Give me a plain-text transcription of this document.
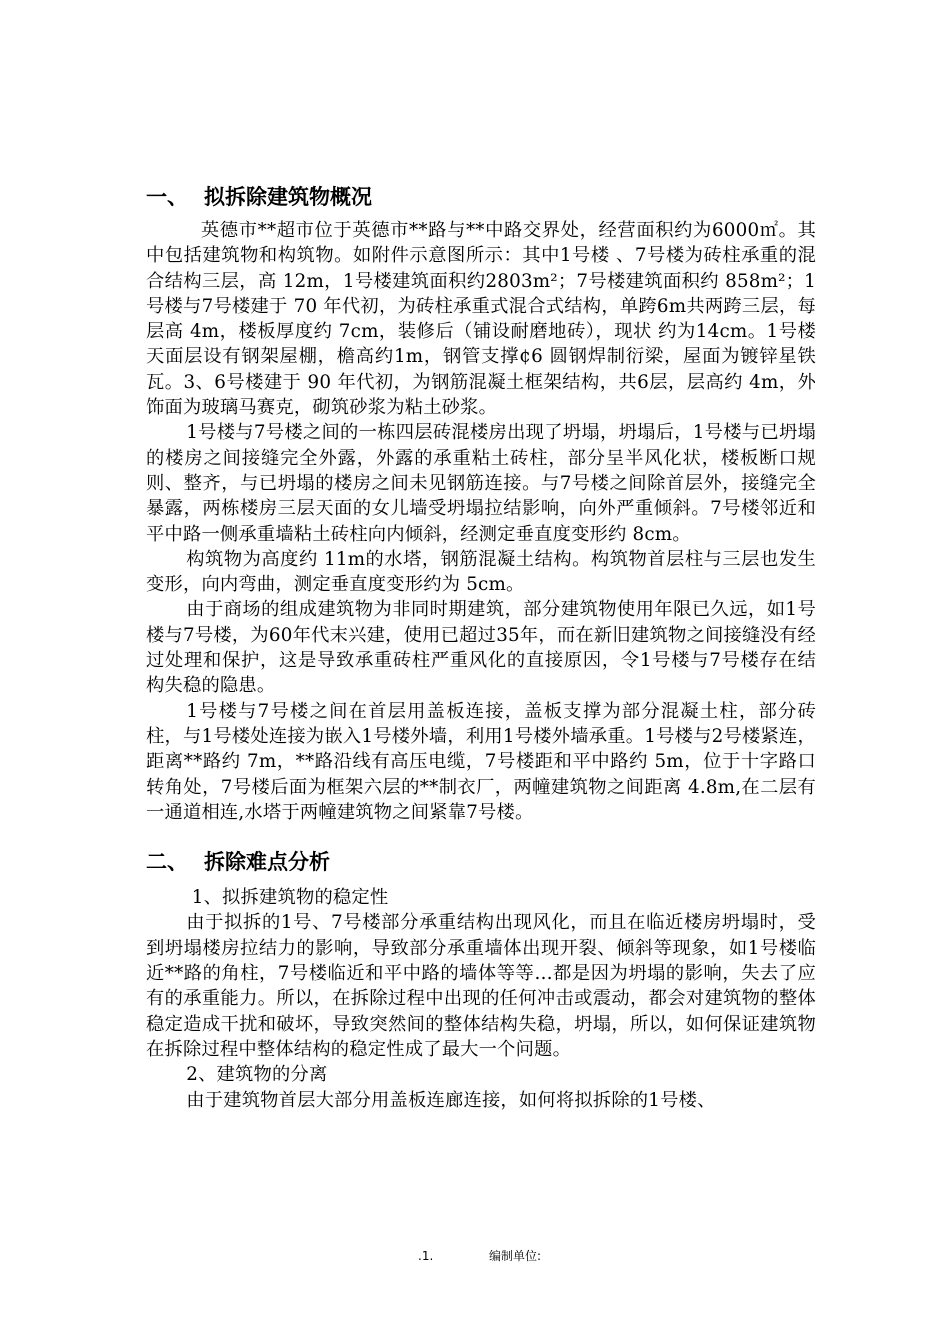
一、 拟拆除建筑物概况

英德市**超市位于英德市**路与**中路交界处，经营面积约为6000㎡。其中包括建筑物和构筑物。如附件示意图所示：其中1号楼 、7号楼为砖柱承重的混合结构三层，高 12m，1号楼建筑面积约2803m²；7号楼建筑面积约 858m²；1号楼与7号楼建于 70 年代初，为砖柱承重式混合式结构，单跨6m共两跨三层，每层高 4m，楼板厚度约 7cm，装修后（铺设耐磨地砖），现状 约为14cm。1号楼天面层设有钢架屋棚，檐高约1m，钢管支撑¢6 圆钢焊制衍梁，屋面为镀锌星铁瓦。3、6号楼建于 90 年代初，为钢筋混凝土框架结构，共6层，层高约 4m，外饰面为玻璃马赛克，砌筑砂浆为粘土砂浆。

1号楼与7号楼之间的一栋四层砖混楼房出现了坍塌，坍塌后，1号楼与已坍塌的楼房之间接缝完全外露，外露的承重粘土砖柱，部分呈半风化状，楼板断口规则、整齐，与已坍塌的楼房之间未见钢筋连接。与7号楼之间除首层外，接缝完全暴露，两栋楼房三层天面的女儿墙受坍塌拉结影响，向外严重倾斜。7号楼邻近和平中路一侧承重墙粘土砖柱向内倾斜，经测定垂直度变形约 8cm。

构筑物为高度约 11m的水塔，钢筋混凝土结构。构筑物首层柱与三层也发生变形，向内弯曲，测定垂直度变形约为 5cm。

由于商场的组成建筑物为非同时期建筑，部分建筑物使用年限已久远，如1号楼与7号楼，为60年代末兴建，使用已超过35年，而在新旧建筑物之间接缝没有经过处理和保护，这是导致承重砖柱严重风化的直接原因，令1号楼与7号楼存在结构失稳的隐患。

1号楼与7号楼之间在首层用盖板连接，盖板支撑为部分混凝土柱，部分砖柱，与1号楼处连接为嵌入1号楼外墙，利用1号楼外墙承重。1号楼与2号楼紧连，距离**路约 7m，**路沿线有高压电缆，7号楼距和平中路约 5m，位于十字路口转角处，7号楼后面为框架六层的**制衣厂，两幢建筑物之间距离 4.8m,在二层有一通道相连,水塔于两幢建筑物之间紧靠7号楼。

二、 拆除难点分析

1、拟拆建筑物的稳定性

由于拟拆的1号、7号楼部分承重结构出现风化，而且在临近楼房坍塌时，受到坍塌楼房拉结力的影响，导致部分承重墙体出现开裂、倾斜等现象，如1号楼临近**路的角柱，7号楼临近和平中路的墙体等等…都是因为坍塌的影响，失去了应有的承重能力。所以，在拆除过程中出现的任何冲击或震动，都会对建筑物的整体稳定造成干扰和破坏，导致突然间的整体结构失稳，坍塌，所以，如何保证建筑物在拆除过程中整体结构的稳定性成了最大一个问题。

2、建筑物的分离

由于建筑物首层大部分用盖板连廊连接，如何将拟拆除的1号楼、

.1.	编制单位:
